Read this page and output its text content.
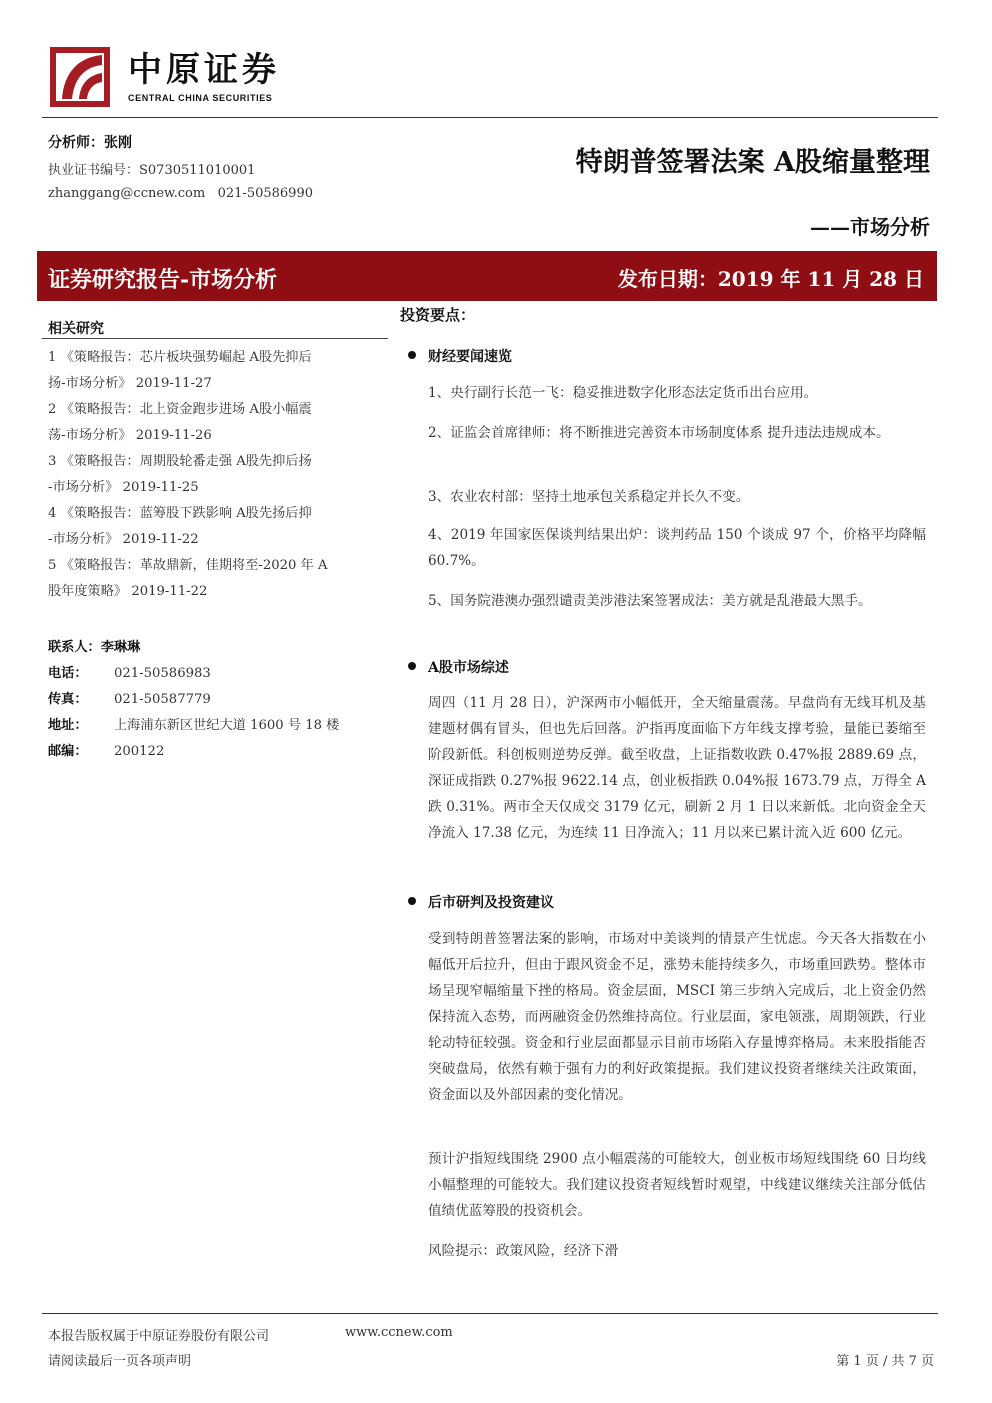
中原证券
CENTRAL CHINA SECURITIES
分析师：张刚
执业证书编号：S0730511010001
zhanggang@ccnew.com   021-50586990
特朗普签署法案 A股缩量整理
——市场分析
证券研究报告-市场分析	发布日期：2019 年 11 月 28 日
相关研究
1 《策略报告：芯片板块强势崛起 A股先抑后
扬-市场分析》 2019-11-27
2 《策略报告：北上资金跑步进场 A股小幅震
荡-市场分析》 2019-11-26
3 《策略报告：周期股轮番走强 A股先抑后扬
-市场分析》 2019-11-25
4 《策略报告：蓝筹股下跌影响 A股先扬后抑
-市场分析》 2019-11-22
5 《策略报告：革故鼎新，佳期将至-2020 年 A
股年度策略》 2019-11-22
联系人：李琳琳
电话： 021-50586983
传真： 021-50587779
地址： 上海浦东新区世纪大道 1600 号 18 楼
邮编： 200122
投资要点：
财经要闻速览
1、央行副行长范一飞：稳妥推进数字化形态法定货币出台应用。
2、证监会首席律师：将不断推进完善资本市场制度体系 提升违法违规成本。
3、农业农村部：坚持土地承包关系稳定并长久不变。
4、2019 年国家医保谈判结果出炉：谈判药品 150 个谈成 97 个，价格平均降幅 60.7%。
5、国务院港澳办强烈谴责美涉港法案签署成法：美方就是乱港最大黑手。
A股市场综述
周四（11 月 28 日），沪深两市小幅低开，全天缩量震荡。早盘尚有无线耳机及基建题材偶有冒头，但也先后回落。沪指再度面临下方年线支撑考验，量能已萎缩至阶段新低。科创板则逆势反弹。截至收盘，上证指数收跌 0.47%报 2889.69 点，深证成指跌 0.27%报 9622.14 点，创业板指跌 0.04%报 1673.79 点，万得全 A 跌 0.31%。两市全天仅成交 3179 亿元，刷新 2 月 1 日以来新低。北向资金全天净流入 17.38 亿元，为连续 11 日净流入；11 月以来已累计流入近 600 亿元。
后市研判及投资建议
受到特朗普签署法案的影响，市场对中美谈判的情景产生忧虑。今天各大指数在小幅低开后拉升，但由于跟风资金不足，涨势未能持续多久，市场重回跌势。整体市场呈现窄幅缩量下挫的格局。资金层面，MSCI 第三步纳入完成后，北上资金仍然保持流入态势，而两融资金仍然维持高位。行业层面，家电领涨，周期领跌，行业轮动特征较强。资金和行业层面都显示目前市场陷入存量博弈格局。未来股指能否突破盘局，依然有赖于强有力的利好政策提振。我们建议投资者继续关注政策面，资金面以及外部因素的变化情况。
预计沪指短线围绕 2900 点小幅震荡的可能较大，创业板市场短线围绕 60 日均线小幅整理的可能较大。我们建议投资者短线暂时观望，中线建议继续关注部分低估值绩优蓝筹股的投资机会。
风险提示：政策风险，经济下滑
本报告版权属于中原证券股份有限公司	www.ccnew.com
请阅读最后一页各项声明	第 1 页 / 共 7 页
